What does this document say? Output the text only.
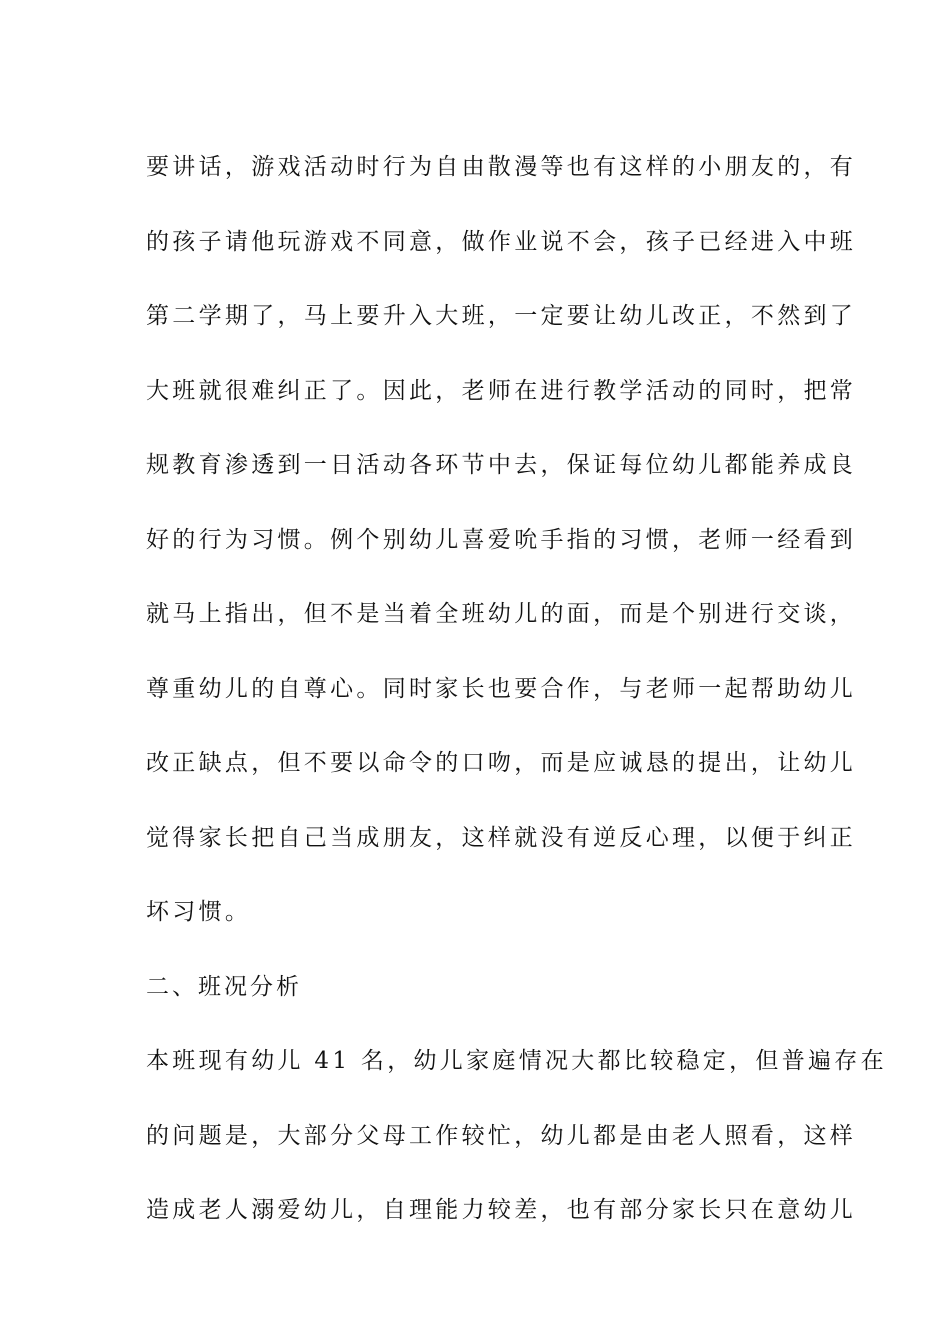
要讲话，游戏活动时行为自由散漫等也有这样的小朋友的，有
的孩子请他玩游戏不同意，做作业说不会，孩子已经进入中班
第二学期了，马上要升入大班，一定要让幼儿改正，不然到了
大班就很难纠正了。因此，老师在进行教学活动的同时，把常
规教育渗透到一日活动各环节中去，保证每位幼儿都能养成良
好的行为习惯。例个别幼儿喜爱吮手指的习惯，老师一经看到
就马上指出，但不是当着全班幼儿的面，而是个别进行交谈，
尊重幼儿的自尊心。同时家长也要合作，与老师一起帮助幼儿
改正缺点，但不要以命令的口吻，而是应诚恳的提出，让幼儿
觉得家长把自己当成朋友，这样就没有逆反心理，以便于纠正
坏习惯。
二、班况分析
本班现有幼儿 41 名，幼儿家庭情况大都比较稳定，但普遍存在
的问题是，大部分父母工作较忙，幼儿都是由老人照看，这样
造成老人溺爱幼儿，自理能力较差，也有部分家长只在意幼儿
